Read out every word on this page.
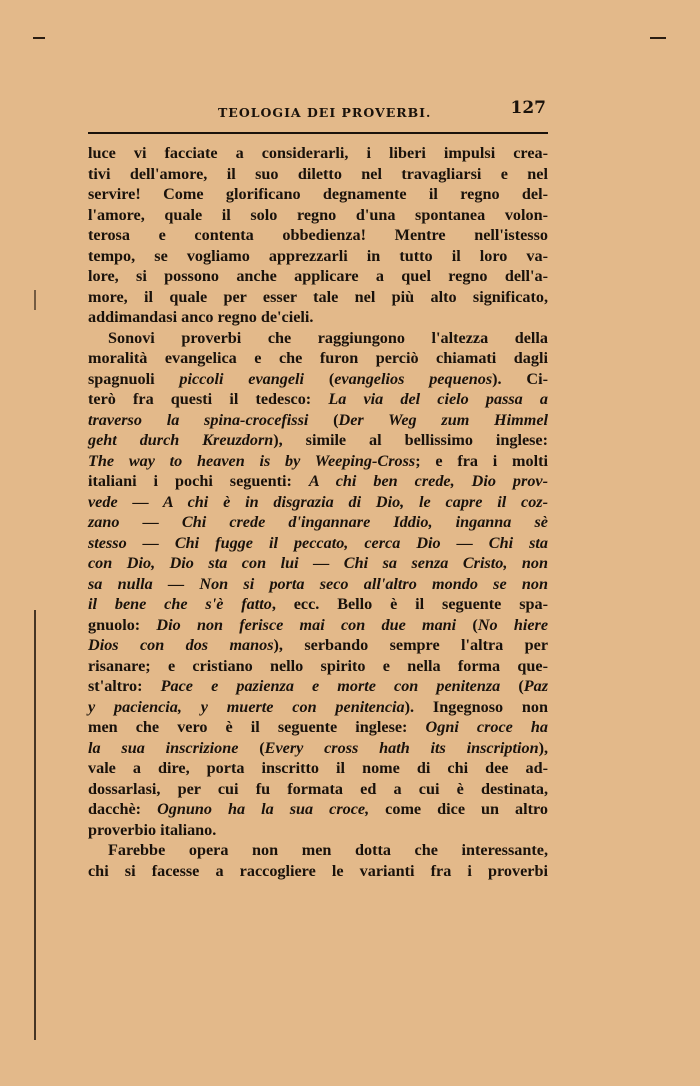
TEOLOGIA DEI PROVERBI.	127
luce vi facciate a considerarli, i liberi impulsi crea-
tivi dell'amore, il suo diletto nel travagliarsi e nel
servire! Come glorificano degnamente il regno del-
l'amore, quale il solo regno d'una spontanea volon-
terosa e contenta obbedienza! Mentre nell'istesso
tempo, se vogliamo apprezzarli in tutto il loro va-
lore, si possono anche applicare a quel regno dell'a-
more, il quale per esser tale nel più alto significato,
addimandasi anco regno de'cieli.
Sonovi proverbi che raggiungono l'altezza della
moralità evangelica e che furon perciò chiamati dagli
spagnuoli piccoli evangeli (evangelios pequenos). Ci-
terò fra questi il tedesco: La via del cielo passa a
traverso la spina-crocefissi (Der Weg zum Himmel
geht durch Kreuzdorn), simile al bellissimo inglese:
The way to heaven is by Weeping-Cross; e fra i molti
italiani i pochi seguenti: A chi ben crede, Dio prov-
vede — A chi è in disgrazia di Dio, le capre il coz-
zano — Chi crede d'ingannare Iddio, inganna sè
stesso — Chi fugge il peccato, cerca Dio — Chi sta
con Dio, Dio sta con lui — Chi sa senza Cristo, non
sa nulla — Non si porta seco all'altro mondo se non
il bene che s'è fatto, ecc. Bello è il seguente spa-
gnuolo: Dio non ferisce mai con due mani (No hiere
Dios con dos manos), serbando sempre l'altra per
risanare; e cristiano nello spirito e nella forma que-
st'altro: Pace e pazienza e morte con penitenza (Paz
y paciencia, y muerte con penitencia). Ingegnoso non
men che vero è il seguente inglese: Ogni croce ha
la sua inscrizione (Every cross hath its inscription),
vale a dire, porta inscritto il nome di chi dee ad-
dossarlasi, per cui fu formata ed a cui è destinata,
dacchè: Ognuno ha la sua croce, come dice un altro
proverbio italiano.
Farebbe opera non men dotta che interessante,
chi si facesse a raccogliere le varianti fra i proverbi
